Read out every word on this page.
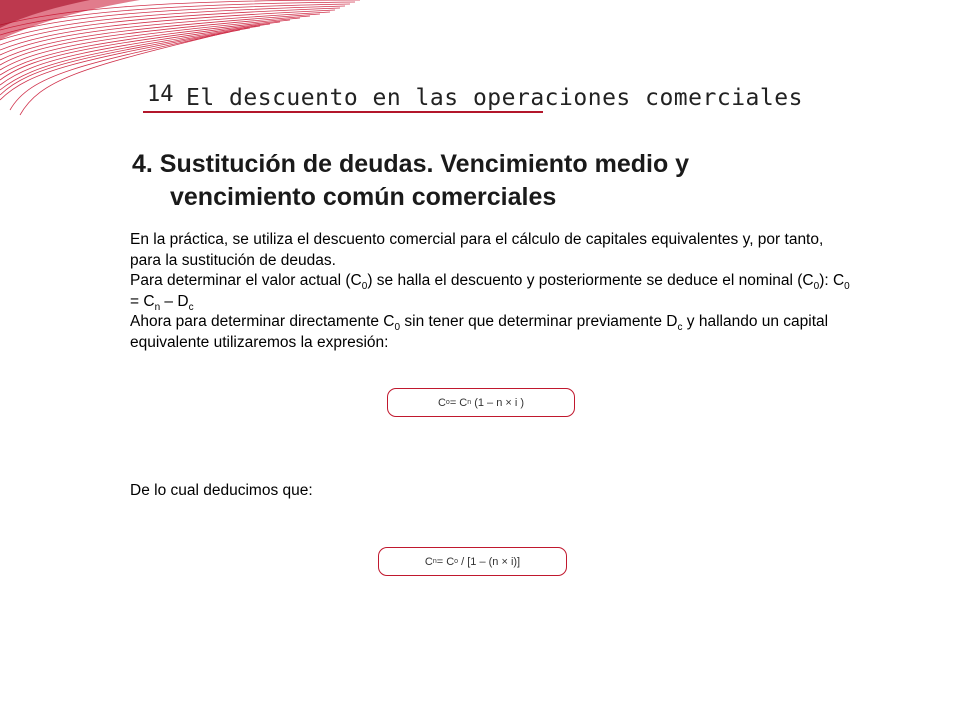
14 El descuento en las operaciones comerciales
4. Sustitución de deudas. Vencimiento medio y
vencimiento común comerciales

En la práctica, se utiliza el descuento comercial para el cálculo de capitales equivalentes y, por tanto, para la sustitución de deudas.

Para determinar el valor actual $(C_0)$ se halla el descuento y posteriormente se deduce el nominal $(C_0)$: $C_0 = C_n - D_c$

Ahora para determinar directamente $C_0$ sin tener que determinar previamente $D_c$ y hallando un capital equivalente utilizaremos la expresión:

C o = C n (1 – n × i )
De lo cual deducimos que:
C n = C o / [1 – (n × i)]
